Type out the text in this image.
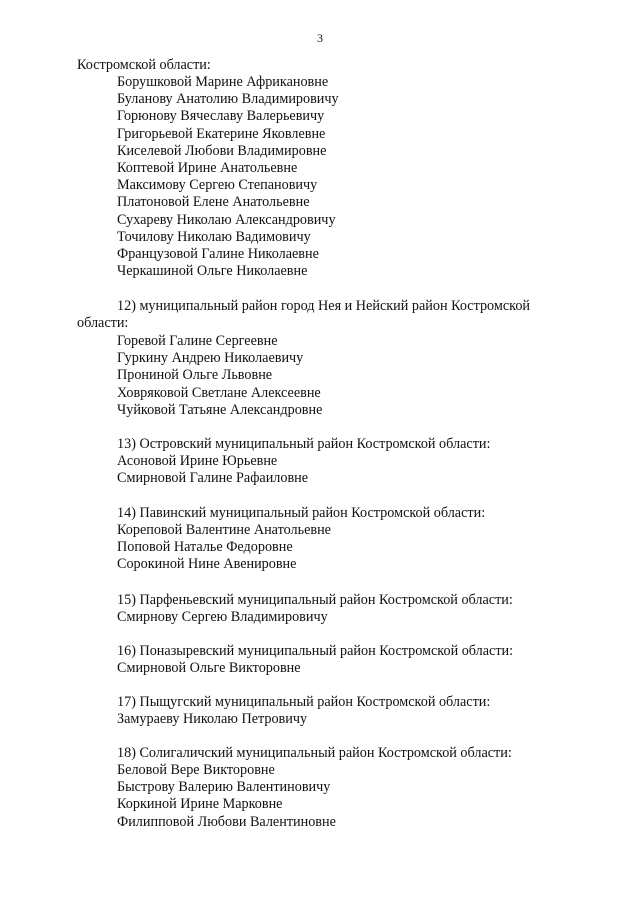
3
Костромской области:
Борушковой Марине Африкановне
Буланову Анатолию Владимировичу
Горюнову Вячеславу Валерьевичу
Григорьевой Екатерине Яковлевне
Киселевой Любови Владимировне
Коптевой Ирине Анатольевне
Максимову Сергею Степановичу
Платоновой Елене Анатольевне
Сухареву Николаю Александровичу
Точилову Николаю Вадимовичу
Французовой Галине Николаевне
Черкашиной Ольге Николаевне
12) муниципальный район город Нея и Нейский район Костромской области:
Горевой Галине Сергеевне
Гуркину Андрею Николаевичу
Прониной Ольге Львовне
Ховряковой Светлане Алексеевне
Чуйковой Татьяне Александровне
13) Островский муниципальный район Костромской области:
Асоновой Ирине Юрьевне
Смирновой Галине Рафаиловне
14) Павинский муниципальный район Костромской области:
Кореповой Валентине Анатольевне
Поповой Наталье Федоровне
Сорокиной Нине Авенировне
15) Парфеньевский муниципальный район Костромской области:
Смирнову Сергею Владимировичу
16) Поназыревский муниципальный район Костромской области:
Смирновой Ольге Викторовне
17) Пыщугский муниципальный район Костромской области:
Замураеву Николаю Петровичу
18) Солигаличский муниципальный район Костромской области:
Беловой Вере Викторовне
Быстрову Валерию Валентиновичу
Коркиной Ирине Марковне
Филипповой Любови Валентиновне
